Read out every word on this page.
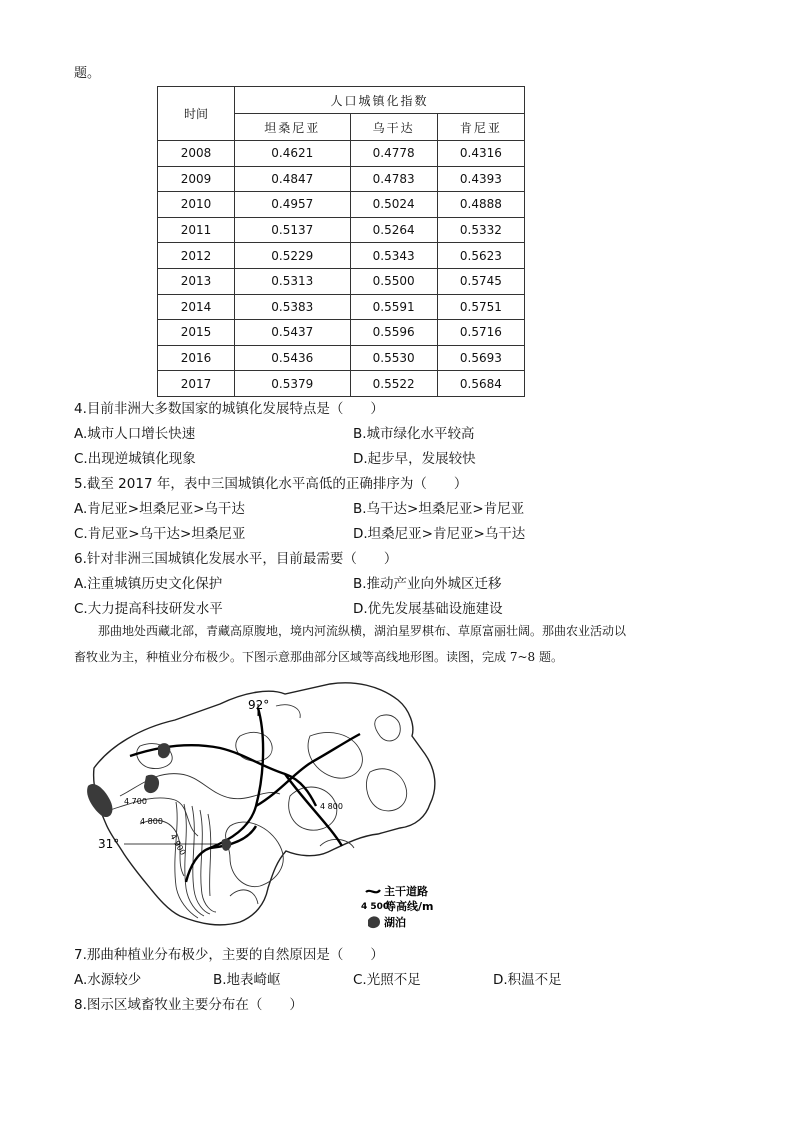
题。
时间	人口城镇化指数		
	坦桑尼亚	乌干达	肯尼亚
2008	0.4621	0.4778	0.4316
2009	0.4847	0.4783	0.4393
2010	0.4957	0.5024	0.4888
2011	0.5137	0.5264	0.5332
2012	0.5229	0.5343	0.5623
2013	0.5313	0.5500	0.5745
2014	0.5383	0.5591	0.5751
2015	0.5437	0.5596	0.5716
2016	0.5436	0.5530	0.5693
2017	0.5379	0.5522	0.5684
4.目前非洲大多数国家的城镇化发展特点是（　　）
A.城市人口增长快速	B.城市绿化水平较高
C.出现逆城镇化现象	D.起步早，发展较快
5.截至 2017 年，表中三国城镇化水平高低的正确排序为（　　）
A.肯尼亚>坦桑尼亚>乌干达	B.乌干达>坦桑尼亚>肯尼亚
C.肯尼亚>乌干达>坦桑尼亚	D.坦桑尼亚>肯尼亚>乌干达
6.针对非洲三国城镇化发展水平，目前最需要（　　）
A.注重城镇历史文化保护	B.推动产业向外城区迁移
C.大力提高科技研发水平	D.优先发展基础设施建设
那曲地处西藏北部，青藏高原腹地，境内河流纵横，湖泊星罗棋布、草原富丽壮阔。那曲农业活动以
畜牧业为主，种植业分布极少。下图示意那曲部分区域等高线地形图。读图，完成 7~8 题。
92°
31°
4 700
4 800
4 800
4 900
主干道路
4 500
等高线/m
湖泊
7.那曲种植业分布极少，主要的自然原因是（　　）
A.水源较少	B.地表崎岖	C.光照不足	D.积温不足
8.图示区域畜牧业主要分布在（　　）
